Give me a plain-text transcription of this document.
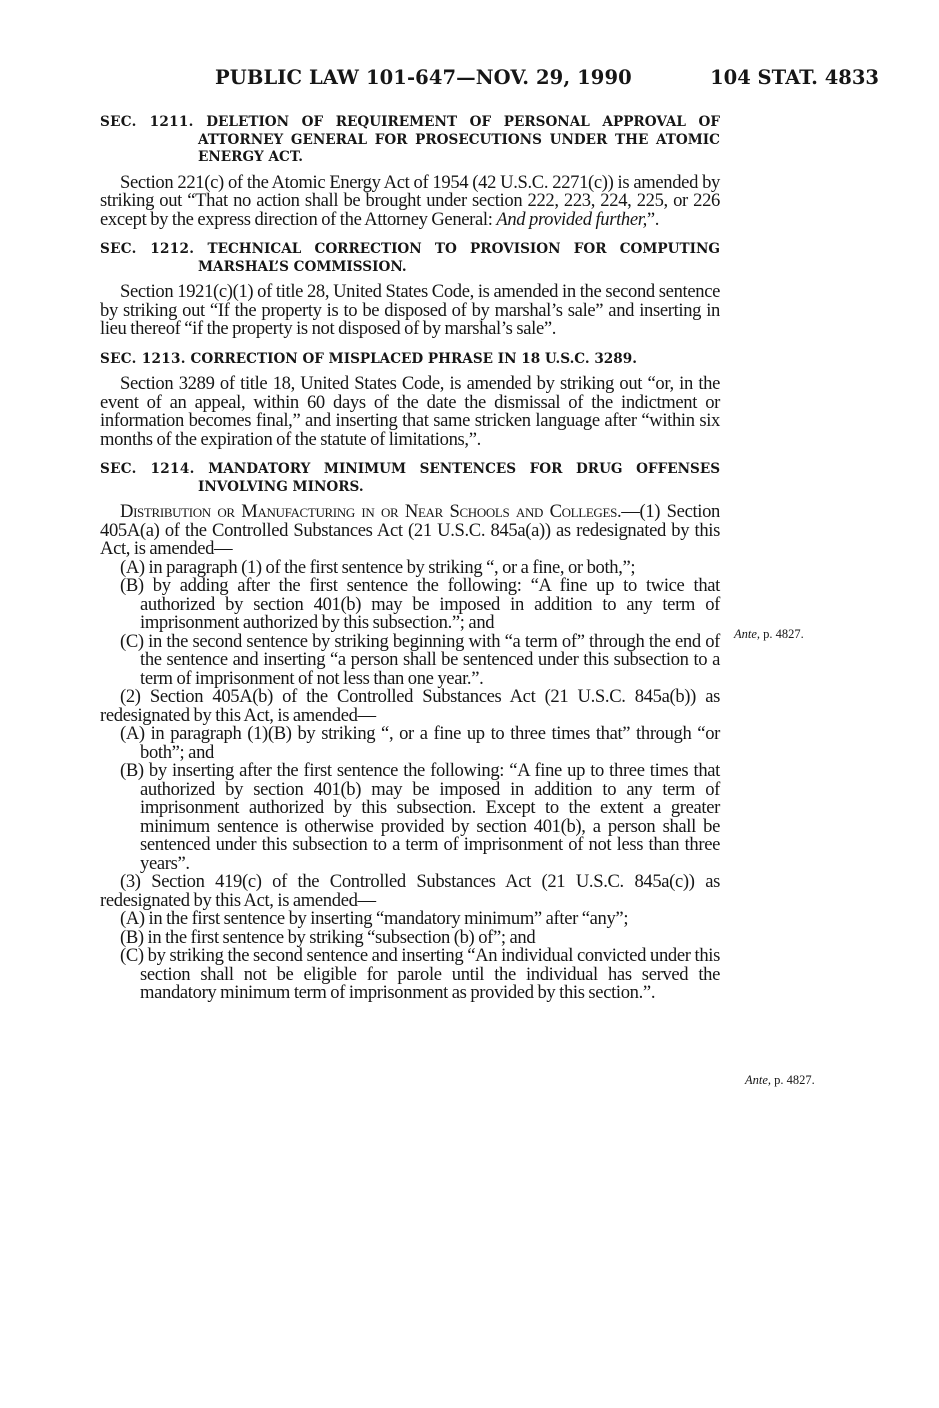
PUBLIC LAW 101-647—NOV. 29, 1990	104 STAT. 4833
SEC. 1211. DELETION OF REQUIREMENT OF PERSONAL APPROVAL OF ATTORNEY GENERAL FOR PROSECUTIONS UNDER THE ATOMIC ENERGY ACT.

Section 221(c) of the Atomic Energy Act of 1954 (42 U.S.C. 2271(c)) is amended by striking out “That no action shall be brought under section 222, 223, 224, 225, or 226 except by the express direction of the Attorney General: And provided further,”.

SEC. 1212. TECHNICAL CORRECTION TO PROVISION FOR COMPUTING MARSHAL’S COMMISSION.

Section 1921(c)(1) of title 28, United States Code, is amended in the second sentence by striking out “If the property is to be disposed of by marshal’s sale” and inserting in lieu thereof “if the property is not disposed of by marshal’s sale”.

SEC. 1213. CORRECTION OF MISPLACED PHRASE IN 18 U.S.C. 3289.

Section 3289 of title 18, United States Code, is amended by striking out “or, in the event of an appeal, within 60 days of the date the dismissal of the indictment or information becomes final,” and inserting that same stricken language after “within six months of the expiration of the statute of limitations,”.

SEC. 1214. MANDATORY MINIMUM SENTENCES FOR DRUG OFFENSES INVOLVING MINORS.

Distribution or Manufacturing in or Near Schools and Colleges.—(1) Section 405A(a) of the Controlled Substances Act (21 U.S.C. 845a(a)) as redesignated by this Act, is amended—

(A) in paragraph (1) of the first sentence by striking “, or a fine, or both,”;

(B) by adding after the first sentence the following: “A fine up to twice that authorized by section 401(b) may be imposed in addition to any term of imprisonment authorized by this subsection.”; and

(C) in the second sentence by striking beginning with “a term of” through the end of the sentence and inserting “a person shall be sentenced under this subsection to a term of imprisonment of not less than one year.”.

(2) Section 405A(b) of the Controlled Substances Act (21 U.S.C. 845a(b)) as redesignated by this Act, is amended—

(A) in paragraph (1)(B) by striking “, or a fine up to three times that” through “or both”; and

(B) by inserting after the first sentence the following: “A fine up to three times that authorized by section 401(b) may be imposed in addition to any term of imprisonment authorized by this subsection. Except to the extent a greater minimum sentence is otherwise provided by section 401(b), a person shall be sentenced under this subsection to a term of imprisonment of not less than three years”.

(3) Section 419(c) of the Controlled Substances Act (21 U.S.C. 845a(c)) as redesignated by this Act, is amended—

(A) in the first sentence by inserting “mandatory minimum” after “any”;

(B) in the first sentence by striking “subsection (b) of”; and

(C) by striking the second sentence and inserting “An individual convicted under this section shall not be eligible for parole until the individual has served the mandatory minimum term of imprisonment as provided by this section.”.

Ante, p. 4827.
Ante, p. 4827.
